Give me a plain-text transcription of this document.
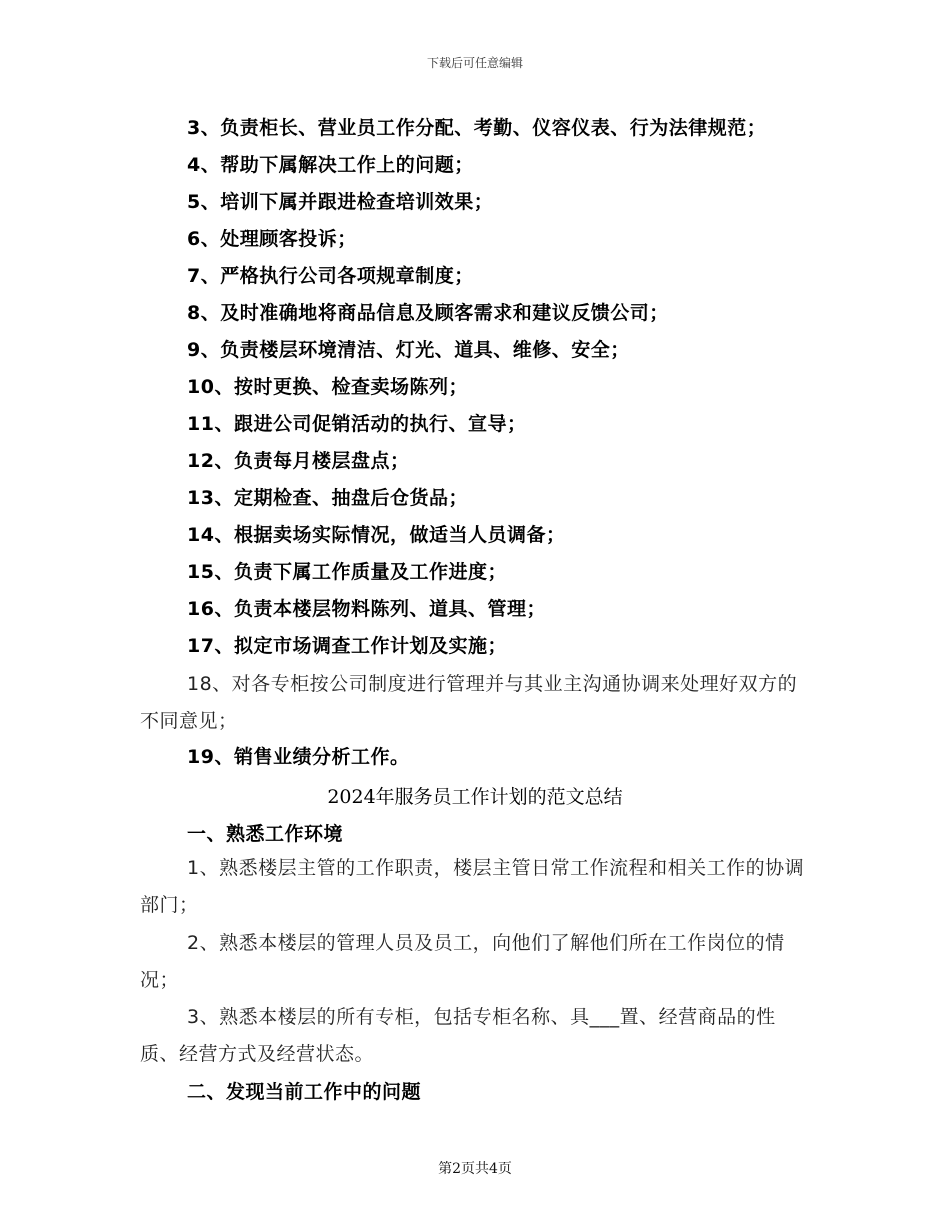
下载后可任意编辑
3、负责柜长、营业员工作分配、考勤、仪容仪表、行为法律规范；
4、帮助下属解决工作上的问题；
5、培训下属并跟进检查培训效果；
6、处理顾客投诉；
7、严格执行公司各项规章制度；
8、及时准确地将商品信息及顾客需求和建议反馈公司；
9、负责楼层环境清洁、灯光、道具、维修、安全；
10、按时更换、检查卖场陈列；
11、跟进公司促销活动的执行、宣导；
12、负责每月楼层盘点；
13、定期检查、抽盘后仓货品；
14、根据卖场实际情况，做适当人员调备；
15、负责下属工作质量及工作进度；
16、负责本楼层物料陈列、道具、管理；
17、拟定市场调查工作计划及实施；
18、对各专柜按公司制度进行管理并与其业主沟通协调来处理好双方的不同意见；
19、销售业绩分析工作。
2024年服务员工作计划的范文总结
一、熟悉工作环境
1、熟悉楼层主管的工作职责，楼层主管日常工作流程和相关工作的协调部门；
2、熟悉本楼层的管理人员及员工，向他们了解他们所在工作岗位的情况；
3、熟悉本楼层的所有专柜，包括专柜名称、具___置、经营商品的性质、经营方式及经营状态。
二、发现当前工作中的问题
第2页共4页
